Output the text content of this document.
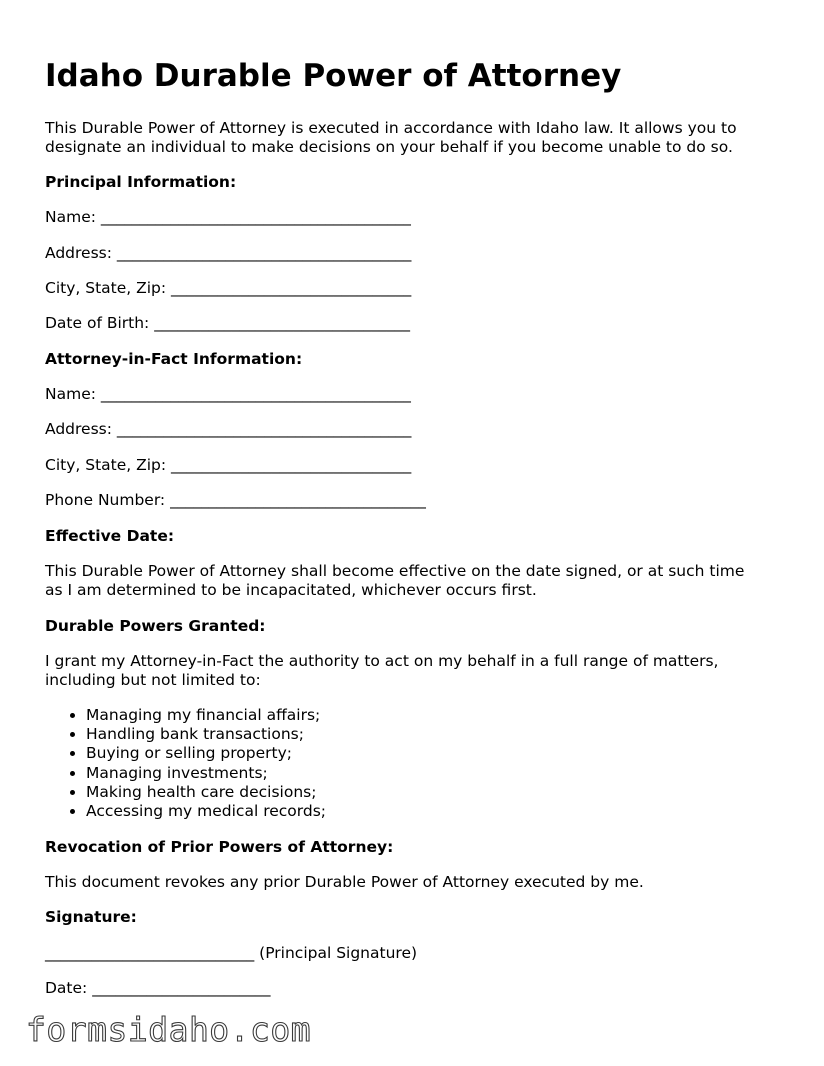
Idaho Durable Power of Attorney

This Durable Power of Attorney is executed in accordance with Idaho law. It allows you to
designate an individual to make decisions on your behalf if you become unable to do so.

Principal Information:

Name: ________________________________________

Address: ______________________________________

City, State, Zip: _______________________________

Date of Birth: _________________________________

Attorney-in-Fact Information:

Name: ________________________________________

Address: ______________________________________

City, State, Zip: _______________________________

Phone Number: _________________________________

Effective Date:

This Durable Power of Attorney shall become effective on the date signed, or at such time
as I am determined to be incapacitated, whichever occurs first.

Durable Powers Granted:

I grant my Attorney-in-Fact the authority to act on my behalf in a full range of matters,
including but not limited to:

• Managing my financial affairs;
• Handling bank transactions;
• Buying or selling property;
• Managing investments;
• Making health care decisions;
• Accessing my medical records;

Revocation of Prior Powers of Attorney:

This document revokes any prior Durable Power of Attorney executed by me.

Signature:

___________________________ (Principal Signature)

Date: _______________________

formsidaho.com
